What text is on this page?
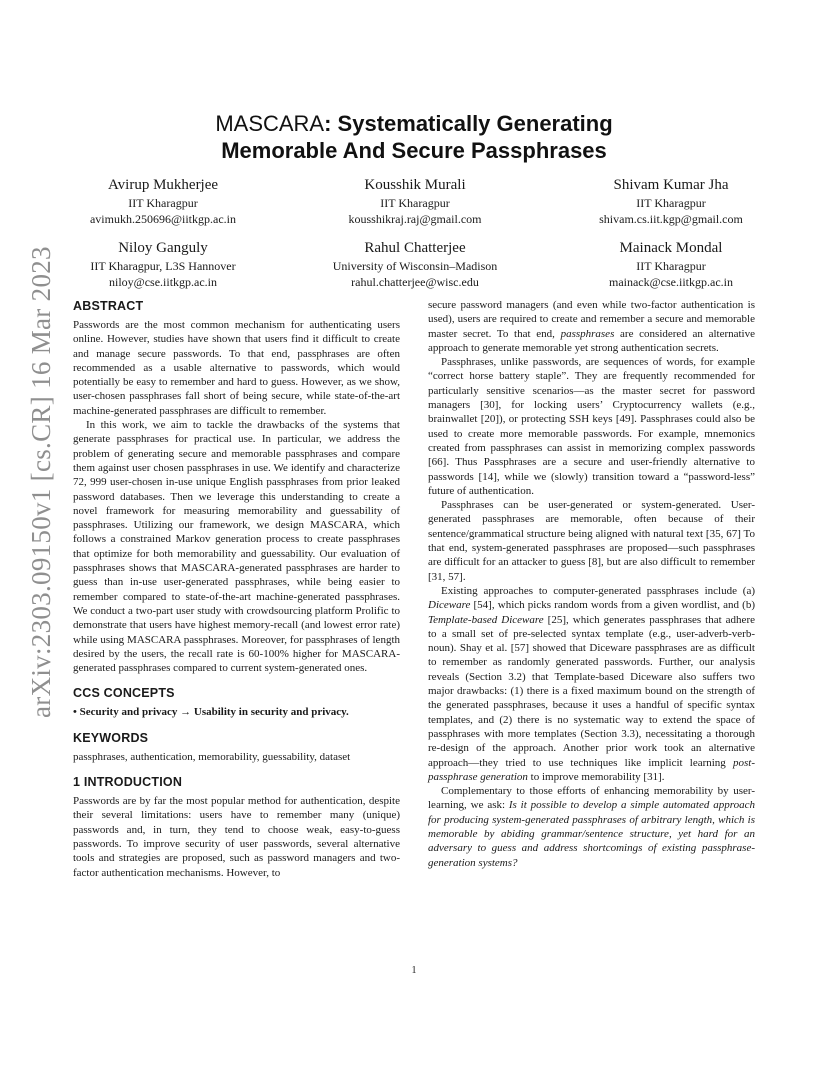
arXiv:2303.09150v1 [cs.CR] 16 Mar 2023
MASCARA: Systematically Generating
Memorable And Secure Passphrases
Avirup Mukherjee
IIT Kharagpur
avimukh.250696@iitkgp.ac.in
Kousshik Murali
IIT Kharagpur
kousshikraj.raj@gmail.com
Shivam Kumar Jha
IIT Kharagpur
shivam.cs.iit.kgp@gmail.com
Niloy Ganguly
IIT Kharagpur, L3S Hannover
niloy@cse.iitkgp.ac.in
Rahul Chatterjee
University of Wisconsin–Madison
rahul.chatterjee@wisc.edu
Mainack Mondal
IIT Kharagpur
mainack@cse.iitkgp.ac.in
ABSTRACT

Passwords are the most common mechanism for authenticating users online. However, studies have shown that users find it difficult to create and manage secure passwords. To that end, passphrases are often recommended as a usable alternative to passwords, which would potentially be easy to remember and hard to guess. However, as we show, user-chosen passphrases fall short of being secure, while state-of-the-art machine-generated passphrases are difficult to remember.

In this work, we aim to tackle the drawbacks of the systems that generate passphrases for practical use. In particular, we address the problem of generating secure and memorable passphrases and compare them against user chosen passphrases in use. We identify and characterize 72, 999 user-chosen in-use unique English passphrases from prior leaked password databases. Then we leverage this understanding to create a novel framework for measuring memorability and guessability of passphrases. Utilizing our framework, we design MASCARA, which follows a constrained Markov generation process to create passphrases that optimize for both memorability and guessability. Our evaluation of passphrases shows that MASCARA-generated passphrases are harder to guess than in-use user-generated passphrases, while being easier to remember compared to state-of-the-art machine-generated passphrases. We conduct a two-part user study with crowdsourcing platform Prolific to demonstrate that users have highest memory-recall (and lowest error rate) while using MASCARA passphrases. Moreover, for passphrases of length desired by the users, the recall rate is 60-100% higher for MASCARA-generated passphrases compared to current system-generated ones.

CCS CONCEPTS

• Security and privacy → Usability in security and privacy.

KEYWORDS

passphrases, authentication, memorability, guessability, dataset

1 INTRODUCTION

Passwords are by far the most popular method for authentication, despite their several limitations: users have to remember many (unique) passwords and, in turn, they tend to choose weak, easy-to-guess passwords. To improve security of user passwords, several alternative tools and strategies are proposed, such as password managers and two-factor authentication mechanisms. However, to

secure password managers (and even while two-factor authentication is used), users are required to create and remember a secure and memorable master secret. To that end, passphrases are considered an alternative approach to generate memorable yet strong authentication secrets.

Passphrases, unlike passwords, are sequences of words, for example “correct horse battery staple”. They are frequently recommended for particularly sensitive scenarios—as the master secret for password managers [30], for locking users’ Cryptocurrency wallets (e.g., brainwallet [20]), or protecting SSH keys [49]. Passphrases could also be used to create more memorable passwords. For example, mnemonics created from passphrases can assist in memorizing complex passwords [66]. Thus Passphrases are a secure and user-friendly alternative to passwords [14], while we (slowly) transition toward a “password-less” future of authentication.

Passphrases can be user-generated or system-generated. User-generated passphrases are memorable, often because of their sentence/grammatical structure being aligned with natural text [35, 67] To that end, system-generated passphrases are proposed—such passphrases are difficult for an attacker to guess [8], but are also difficult to remember [31, 57].

Existing approaches to computer-generated passphrases include (a) Diceware [54], which picks random words from a given wordlist, and (b) Template-based Diceware [25], which generates passphrases that adhere to a small set of pre-selected syntax template (e.g., user-adverb-verb-noun). Shay et al. [57] showed that Diceware passphrases are as difficult to remember as randomly generated passwords. Further, our analysis reveals (Section 3.2) that Template-based Diceware also suffers two major drawbacks: (1) there is a fixed maximum bound on the strength of the generated passphrases, because it uses a handful of specific syntax templates, and (2) there is no systematic way to extend the space of passphrases with more templates (Section 3.3), necessitating a thorough re-design of the approach. Another prior work took an alternative approach—they tried to use techniques like implicit learning post-passphrase generation to improve memorability [31].

Complementary to those efforts of enhancing memorability by user-learning, we ask: Is it possible to develop a simple automated approach for producing system-generated passphrases of arbitrary length, which is memorable by abiding grammar/sentence structure, yet hard for an adversary to guess and address shortcomings of existing passphrase-generation systems?

1
